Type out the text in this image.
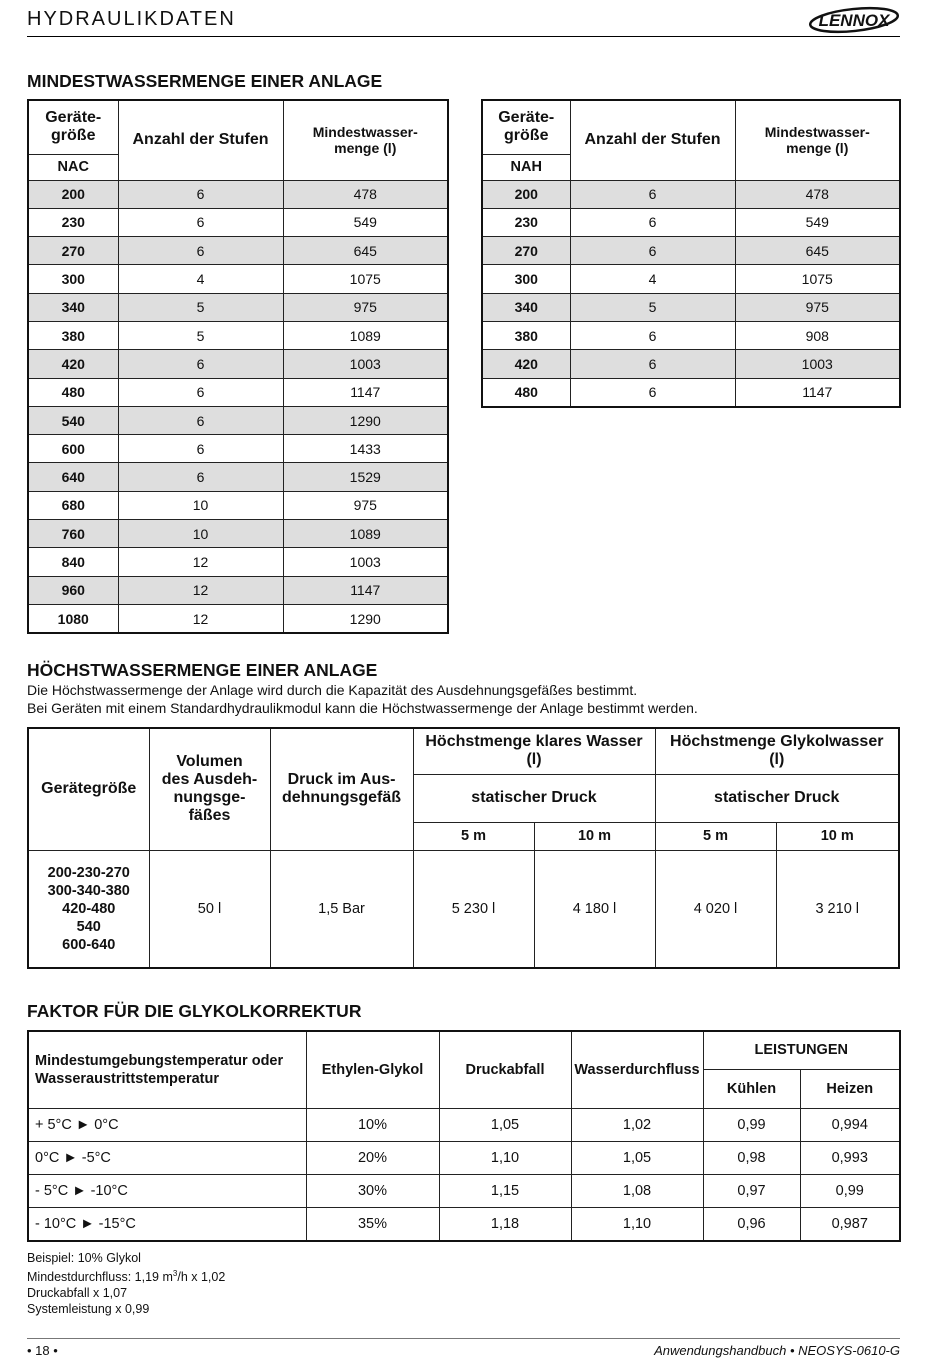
HYDRAULIKDATEN	LENNOX
MINDESTWASSERMENGE EINER ANLAGE
Geräte-
größe	Anzahl der Stufen	Mindestwasser-
menge (l)
NAC		
200	6	478
230	6	549
270	6	645
300	4	1075
340	5	975
380	5	1089
420	6	1003
480	6	1147
540	6	1290
600	6	1433
640	6	1529
680	10	975
760	10	1089
840	12	1003
960	12	1147
1080	12	1290
Geräte-
größe	Anzahl der Stufen	Mindestwasser-
menge (l)
NAH		
200	6	478
230	6	549
270	6	645
300	4	1075
340	5	975
380	6	908
420	6	1003
480	6	1147
HÖCHSTWASSERMENGE EINER ANLAGE
Die Höchstwassermenge der Anlage wird durch die Kapazität des Ausdehnungsgefäßes bestimmt.
Bei Geräten mit einem Standardhydraulikmodul kann die Höchstwassermenge der Anlage bestimmt werden.
Gerätegröße	Volumen
des Ausdeh-
nungsge-
fäßes	Druck im Aus-
dehnungsgefäß	Höchstmenge klares Wasser
(l)		Höchstmenge Glykolwasser
(l)	
			statischer Druck		statischer Druck	
			5 m	10 m	5 m	10 m

200-230-270
300-340-380
420-480
540
600-640	50 l	1,5 Bar	5 230 l	4 180 l	4 020 l	3 210 l
FAKTOR FÜR DIE GLYKOLKORREKTUR
Mindestumgebungstemperatur oder
Wasseraustrittstemperatur	Ethylen-Glykol	Druckabfall	Wasserdurchfluss	LEISTUNGEN	
				Kühlen	Heizen
+ 5°C ► 0°C	10%	1,05	1,02	0,99	0,994
0°C ► -5°C	20%	1,10	1,05	0,98	0,993
- 5°C ► -10°C	30%	1,15	1,08	0,97	0,99
- 10°C ► -15°C	35%	1,18	1,10	0,96	0,987
Beispiel: 10% Glykol
Mindestdurchfluss: 1,19 $m^3/h$ x 1,02
Druckabfall x 1,07
Systemleistung x 0,99
• 18 •	Anwendungshandbuch • NEOSYS-0610-G
